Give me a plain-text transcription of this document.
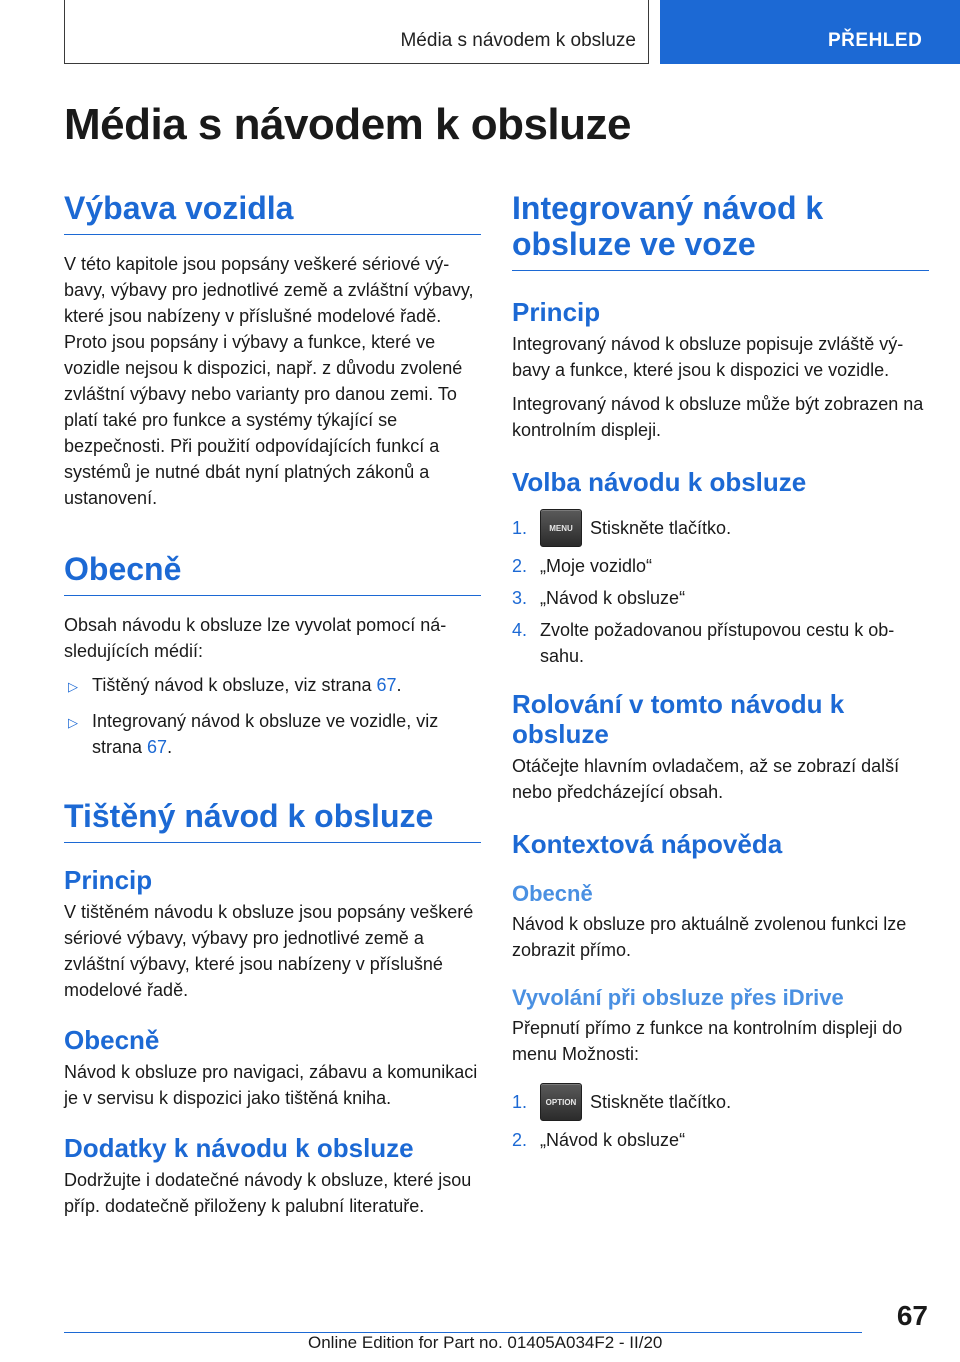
Média s návodem k obsluze	PŘEHLED
Média s návodem k obsluze
Výbava vozidla

V této kapitole jsou popsány veškeré sériové výbavy, výbavy pro jednotlivé země a zvláštní výbavy, které jsou nabízeny v příslušné modelové řadě. Proto jsou popsány i výbavy a funkce, které ve vozidle nejsou k dispozici, např. z důvodu zvolené zvláštní výbavy nebo varianty pro danou zemi. To platí také pro funkce a systémy týkající se bezpečnosti. Při použití odpovídajících funkcí a systémů je nutné dbát nyní platných zákonů a ustanovení.

Obecně

Obsah návodu k obsluze lze vyvolat pomocí následujících médií:

▷ Tištěný návod k obsluze, viz strana 67.
▷ Integrovaný návod k obsluze ve vozidle, viz strana 67.
Tištěný návod k obsluze
Princip

V tištěném návodu k obsluze jsou popsány veškeré sériové výbavy, výbavy pro jednotlivé země a zvláštní výbavy, které jsou nabízeny v příslušné modelové řadě.

Obecně

Návod k obsluze pro navigaci, zábavu a komunikaci je v servisu k dispozici jako tištěná kniha.

Dodatky k návodu k obsluze

Dodržujte i dodatečné návody k obsluze, které jsou příp. dodatečně přiloženy k palubní literatuře.

Integrovaný návod k obsluze ve voze
Princip

Integrovaný návod k obsluze popisuje zvláště výbavy a funkce, které jsou k dispozici ve vozidle.

Integrovaný návod k obsluze může být zobrazen na kontrolním displeji.

Volba návodu k obsluze
1.	MENU Stiskněte tlačítko.
2. „Moje vozidlo“
3. „Návod k obsluze“
4. Zvolte požadovanou přístupovou cestu k obsahu.
Rolování v tomto návodu k obsluze

Otáčejte hlavním ovladačem, až se zobrazí další nebo předcházející obsah.

Kontextová nápověda
Obecně

Návod k obsluze pro aktuálně zvolenou funkci lze zobrazit přímo.

Vyvolání při obsluze přes iDrive

Přepnutí přímo z funkce na kontrolním displeji do menu Možnosti:

1.	OPTION Stiskněte tlačítko.
2. „Návod k obsluze“
67
Online Edition for Part no. 01405A034F2 - II/20
